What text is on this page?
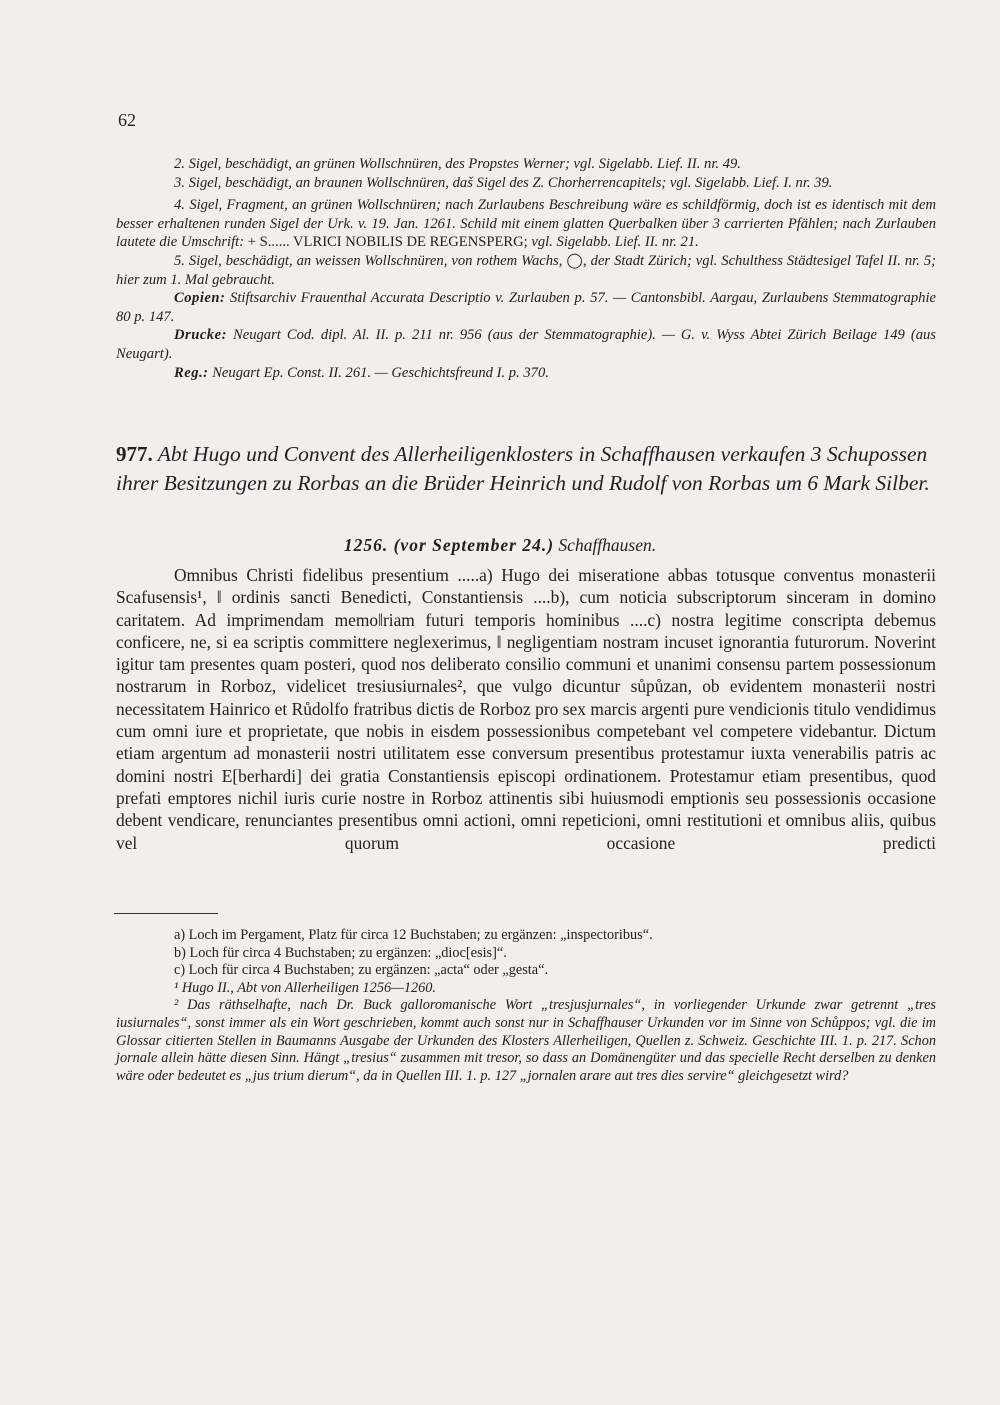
62

2. Sigel, beschädigt, an grünen Wollschnüren, des Propstes Werner; vgl. Sigelabb. Lief. II. nr. 49.

3. Sigel, beschädigt, an braunen Wollschnüren, daš Sigel des Z. Chorherrencapitels; vgl. Sigelabb. Lief. I. nr. 39.

4. Sigel, Fragment, an grünen Wollschnüren; nach Zurlaubens Beschreibung wäre es schildförmig, doch ist es identisch mit dem besser erhaltenen runden Sigel der Urk. v. 19. Jan. 1261. Schild mit einem glatten Querbalken über 3 carrierten Pfählen; nach Zurlauben lautete die Umschrift: + S...... VLRICI NOBILIS DE REGENSPERG; vgl. Sigelabb. Lief. II. nr. 21.

5. Sigel, beschädigt, an weissen Wollschnüren, von rothem Wachs, ◯, der Stadt Zürich; vgl. Schulthess Städtesigel Tafel II. nr. 5; hier zum 1. Mal gebraucht.

Copien: Stiftsarchiv Frauenthal Accurata Descriptio v. Zurlauben p. 57. — Cantonsbibl. Aargau, Zurlaubens Stemmatographie 80 p. 147.

Drucke: Neugart Cod. dipl. Al. II. p. 211 nr. 956 (aus der Stemmatographie). — G. v. Wyss Abtei Zürich Beilage 149 (aus Neugart).

Reg.: Neugart Ep. Const. II. 261. — Geschichtsfreund I. p. 370.

977. Abt Hugo und Convent des Allerheiligenklosters in Schaffhausen verkaufen 3 Schupossen ihrer Besitzungen zu Rorbas an die Brüder Heinrich und Rudolf von Rorbas um 6 Mark Silber.
1256. (vor September 24.) Schaffhausen.

Omnibus Christi fidelibus presentium .....a) Hugo dei miseratione abbas totusque conventus monasterii Scafusensis¹, ‖ ordinis sancti Benedicti, Constantiensis ....b), cum noticia subscriptorum sinceram in domino caritatem. Ad imprimendam memo‖riam futuri temporis hominibus ....c) nostra legitime conscripta debemus conficere, ne, si ea scriptis committere neglexerimus, ‖ negligentiam nostram incuset ignorantia futurorum. Noverint igitur tam presentes quam posteri, quod nos deliberato consilio communi et unanimi consensu partem possessionum nostrarum in Rorboz, videlicet tresiusiurnales², que vulgo dicuntur sůpůzan, ob evidentem monasterii nostri necessitatem Hainrico et Růdolfo fratribus dictis de Rorboz pro sex marcis argenti pure vendicionis titulo vendidimus cum omni iure et proprietate, que nobis in eisdem possessionibus competebant vel competere videbantur. Dictum etiam argentum ad monasterii nostri utilitatem esse conversum presentibus protestamur iuxta venerabilis patris ac domini nostri E[berhardi] dei gratia Constantiensis episcopi ordinationem. Protestamur etiam presentibus, quod prefati emptores nichil iuris curie nostre in Rorboz attinentis sibi huiusmodi emptionis seu possessionis occasione debent vendicare, renunciantes presentibus omni actioni, omni repeticioni, omni restitutioni et omnibus aliis, quibus vel quorum occasione predicti

a) Loch im Pergament, Platz für circa 12 Buchstaben; zu ergänzen: „inspectoribus“.

b) Loch für circa 4 Buchstaben; zu ergänzen: „dioc[esis]“.

c) Loch für circa 4 Buchstaben; zu ergänzen: „acta“ oder „gesta“.

¹ Hugo II., Abt von Allerheiligen 1256—1260.

² Das räthselhafte, nach Dr. Buck galloromanische Wort „tresjusjurnales“, in vorliegender Urkunde zwar getrennt „tres iusiurnales“, sonst immer als ein Wort geschrieben, kommt auch sonst nur in Schaffhauser Urkunden vor im Sinne von Schůppos; vgl. die im Glossar citierten Stellen in Baumanns Ausgabe der Urkunden des Klosters Allerheiligen, Quellen z. Schweiz. Geschichte III. 1. p. 217. Schon jornale allein hätte diesen Sinn. Hängt „tresius“ zusammen mit tresor, so dass an Domänengüter und das specielle Recht derselben zu denken wäre oder bedeutet es „jus trium dierum“, da in Quellen III. 1. p. 127 „jornalen arare aut tres dies servire“ gleichgesetzt wird?
